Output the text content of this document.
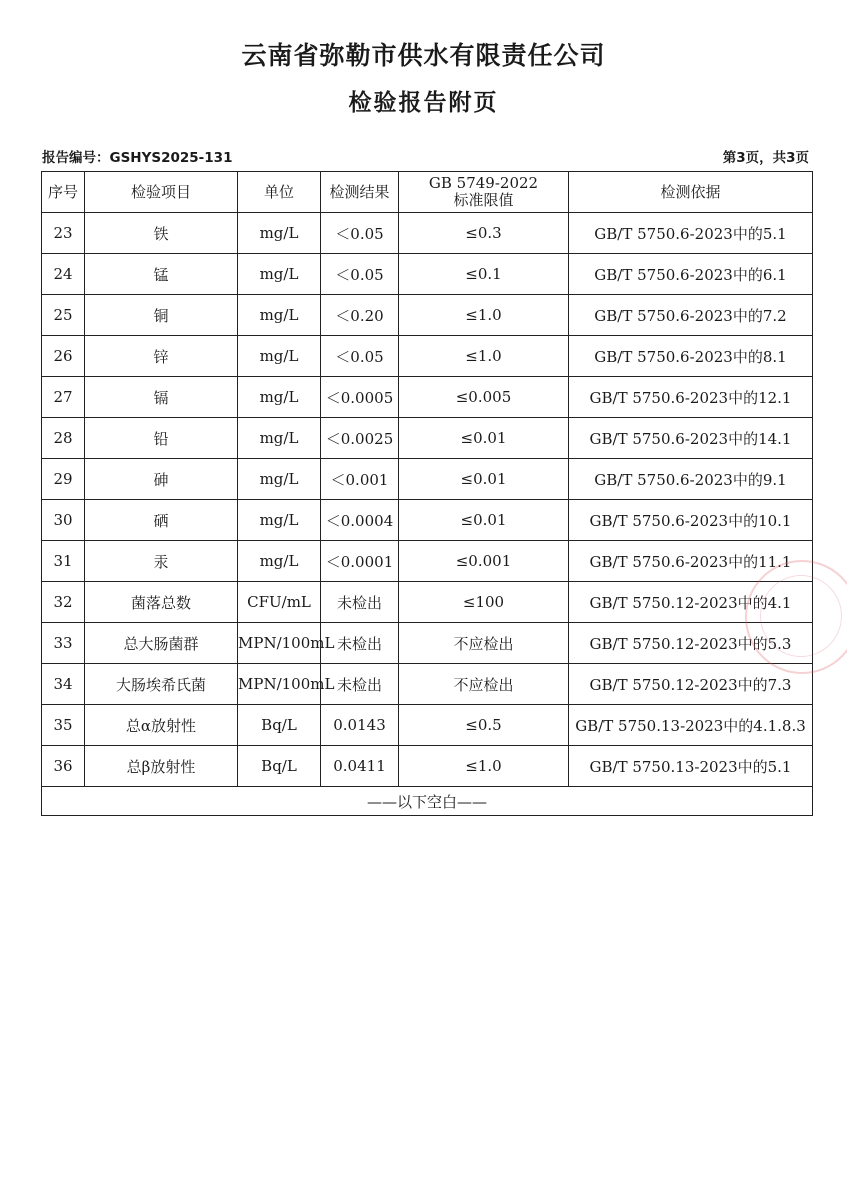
云南省弥勒市供水有限责任公司
检验报告附页
报告编号：GSHYS2025-131	第3页，共3页
序号	检验项目	单位	检测结果	GB 5749-2022
标准限值	检测依据
23	铁	mg/L	＜0.05	≤0.3	GB/T 5750.6-2023中的5.1
24	锰	mg/L	＜0.05	≤0.1	GB/T 5750.6-2023中的6.1
25	铜	mg/L	＜0.20	≤1.0	GB/T 5750.6-2023中的7.2
26	锌	mg/L	＜0.05	≤1.0	GB/T 5750.6-2023中的8.1
27	镉	mg/L	＜0.0005	≤0.005	GB/T 5750.6-2023中的12.1
28	铅	mg/L	＜0.0025	≤0.01	GB/T 5750.6-2023中的14.1
29	砷	mg/L	＜0.001	≤0.01	GB/T 5750.6-2023中的9.1
30	硒	mg/L	＜0.0004	≤0.01	GB/T 5750.6-2023中的10.1
31	汞	mg/L	＜0.0001	≤0.001	GB/T 5750.6-2023中的11.1
32	菌落总数	CFU/mL	未检出	≤100	GB/T 5750.12-2023中的4.1
33	总大肠菌群	MPN/100mL	未检出	不应检出	GB/T 5750.12-2023中的5.3
34	大肠埃希氏菌	MPN/100mL	未检出	不应检出	GB/T 5750.12-2023中的7.3
35	总α放射性	Bq/L	0.0143	≤0.5	GB/T 5750.13-2023中的4.1.8.3
36	总β放射性	Bq/L	0.0411	≤1.0	GB/T 5750.13-2023中的5.1
——以下空白——					
